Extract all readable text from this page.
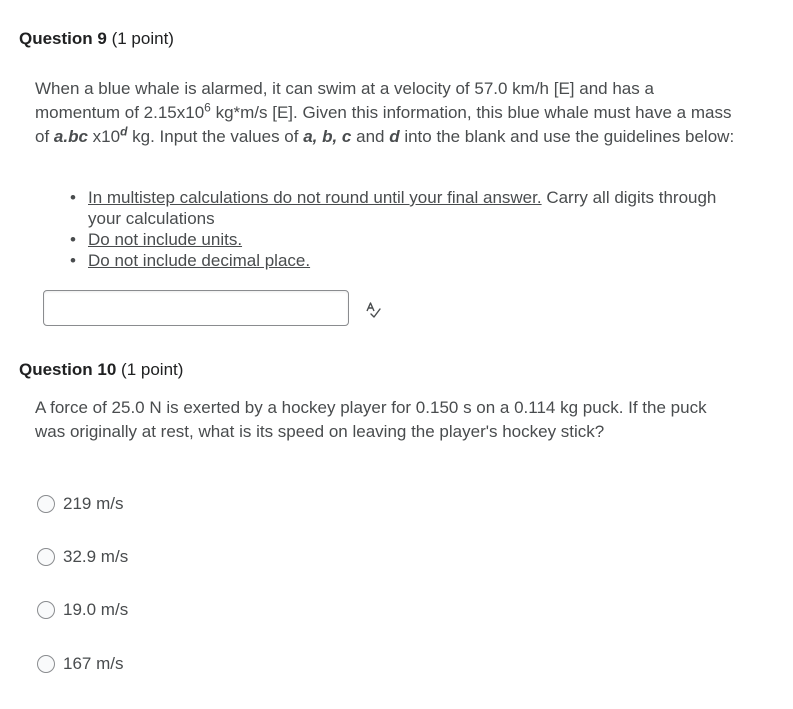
Question 9 (1 point)
When a blue whale is alarmed, it can swim at a velocity of 57.0 km/h [E] and has a momentum of $2.15x10^6$ kg*m/s [E]. Given this information, this blue whale must have a mass of a.bc x10$^d$ kg. Input the values of a, b, c and d into the blank and use the guidelines below:
• In multistep calculations do not round until your final answer. Carry all digits through your calculations
• Do not include units.
• Do not include decimal place.
Question 10 (1 point)
A force of 25.0 N is exerted by a hockey player for 0.150 s on a 0.114 kg puck. If the puck was originally at rest, what is its speed on leaving the player's hockey stick?
219 m/s
32.9 m/s
19.0 m/s
167 m/s
